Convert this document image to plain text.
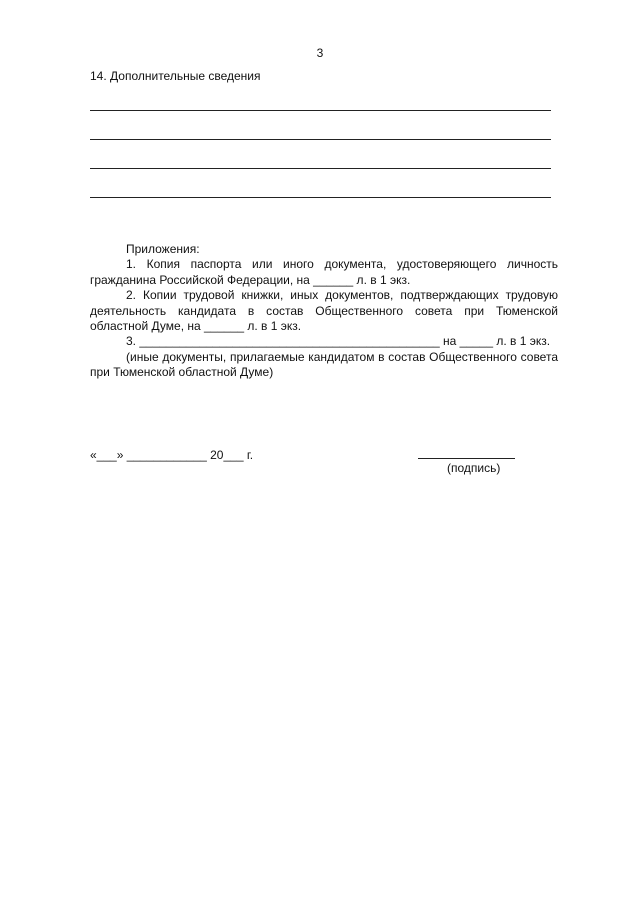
3
14. Дополнительные сведения

Приложения:

1. Копия паспорта или иного документа, удостоверяющего личность гражданина Российской Федерации, на ______ л. в 1 экз.

2. Копии трудовой книжки, иных документов, подтверждающих трудовую деятельность кандидата в состав Общественного совета при Тюменской областной Думе, на ______ л. в 1 экз.

3. _____________________________________________ на _____ л. в 1 экз.

(иные документы, прилагаемые кандидатом в состав Общественного совета при Тюменской областной Думе)

«___» ____________ 20___ г.
(подпись)
